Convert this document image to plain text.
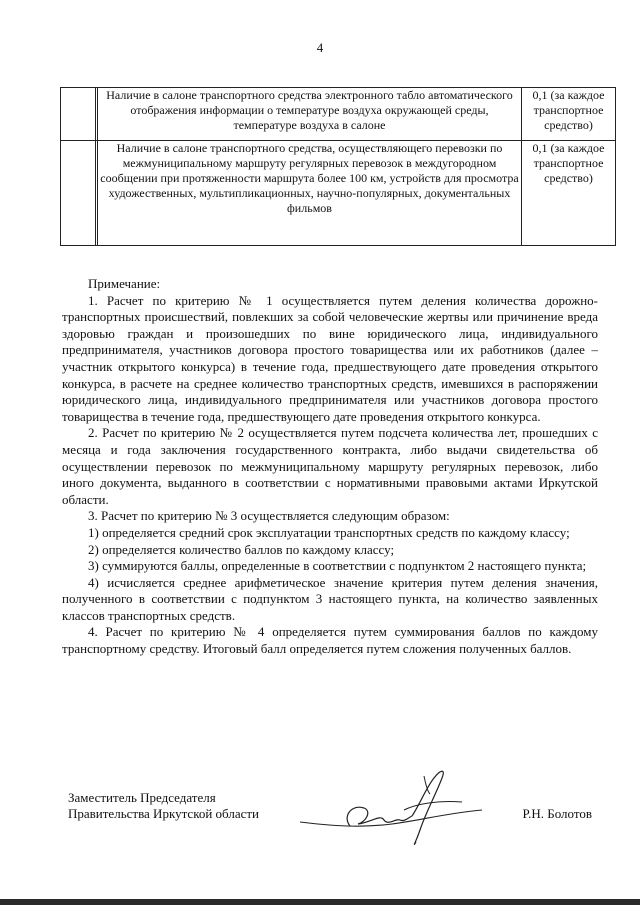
4
		Наличие в салоне транспортного средства электронного табло автоматического отображения информации о температуре воздуха окружающей среды, температуре воздуха в салоне	0,1 (за каждое транспортное средство)
		Наличие в салоне транспортного средства, осуществляющего перевозки по межмуниципальному маршруту регулярных перевозок в междугородном сообщении при протяженности маршрута более 100 км, устройств для просмотра художественных, мультипликационных, научно-популярных, документальных фильмов	0,1 (за каждое транспортное средство)

Примечание:

1. Расчет по критерию № 1 осуществляется путем деления количества дорожно-транспортных происшествий, повлекших за собой человеческие жертвы или причинение вреда здоровью граждан и произошедших по вине юридического лица, индивидуального предпринимателя, участников договора простого товарищества или их работников (далее – участник открытого конкурса) в течение года, предшествующего дате проведения открытого конкурса, в расчете на среднее количество транспортных средств, имевшихся в распоряжении юридического лица, индивидуального предпринимателя или участников договора простого товарищества в течение года, предшествующего дате проведения открытого конкурса.

2. Расчет по критерию № 2 осуществляется путем подсчета количества лет, прошедших с месяца и года заключения государственного контракта, либо выдачи свидетельства об осуществлении перевозок по межмуниципальному маршруту регулярных перевозок, либо иного документа, выданного в соответствии с нормативными правовыми актами Иркутской области.

3. Расчет по критерию № 3 осуществляется следующим образом:

1) определяется средний срок эксплуатации транспортных средств по каждому классу;

2) определяется количество баллов по каждому классу;

3) суммируются баллы, определенные в соответствии с подпунктом 2 настоящего пункта;

4) исчисляется среднее арифметическое значение критерия путем деления значения, полученного в соответствии с подпунктом 3 настоящего пункта, на количество заявленных классов транспортных средств.

4. Расчет по критерию № 4 определяется путем суммирования баллов по каждому транспортному средству. Итоговый балл определяется путем сложения полученных баллов.

Заместитель Председателя
Правительства Иркутской области	Р.Н. Болотов
